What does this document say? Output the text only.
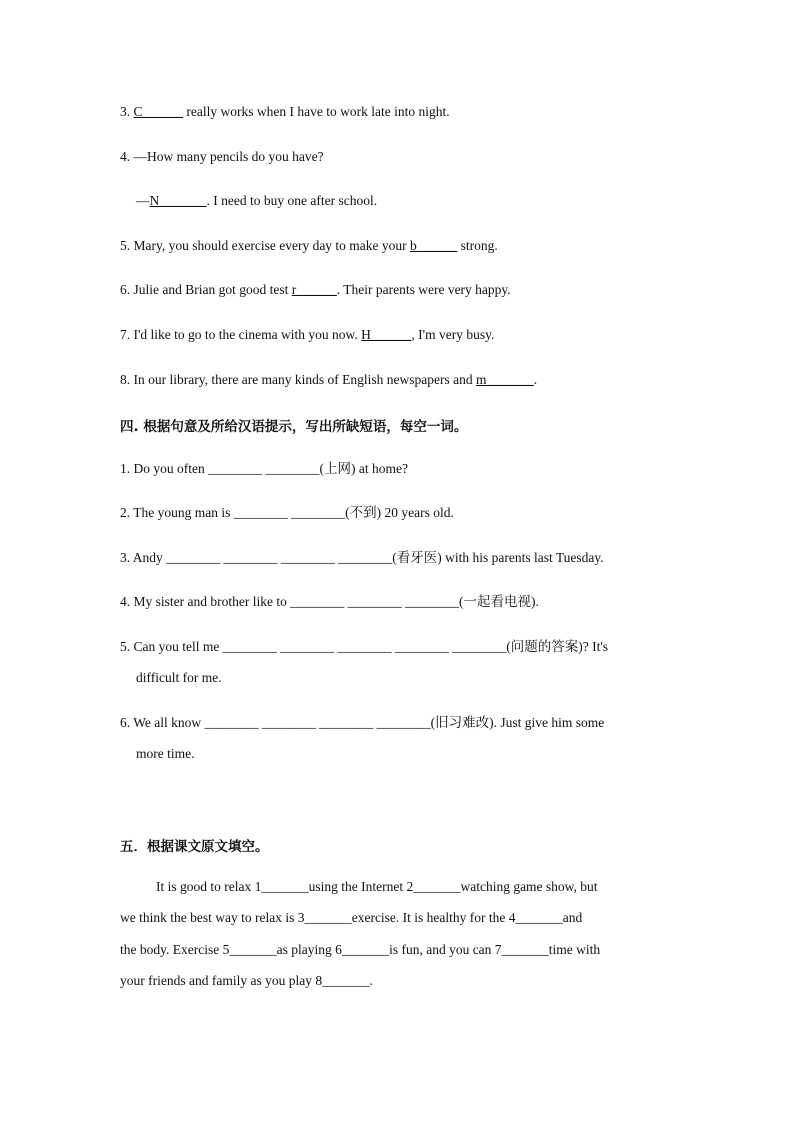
3. C______ really works when I have to work late into night.
4. —How many pencils do you have?
—N_______. I need to buy one after school.
5. Mary, you should exercise every day to make your b______ strong.
6. Julie and Brian got good test r______. Their parents were very happy.
7. I'd like to go to the cinema with you now. H______, I'm very busy.
8. In our library, there are many kinds of English newspapers and m_______.
四. 根据句意及所给汉语提示，写出所缺短语，每空一词。
1. Do you often ________ ________(上网) at home?
2. The young man is ________ ________(不到) 20 years old.
3. Andy ________ ________ ________ ________(看牙医) with his parents last Tuesday.
4. My sister and brother like to ________ ________ ________(一起看电视).
5. Can you tell me ________ ________ ________ ________ ________(问题的答案)? It's
difficult for me.
6. We all know ________ ________ ________ ________(旧习难改). Just give him some
more time.
五．根据课文原文填空。
It is good to relax 1_______using the Internet 2_______watching game show, but
we think the best way to relax is 3_______exercise. It is healthy for the 4_______and
the body. Exercise 5_______as playing 6_______is fun, and you can 7_______time with
your friends and family as you play 8_______.
